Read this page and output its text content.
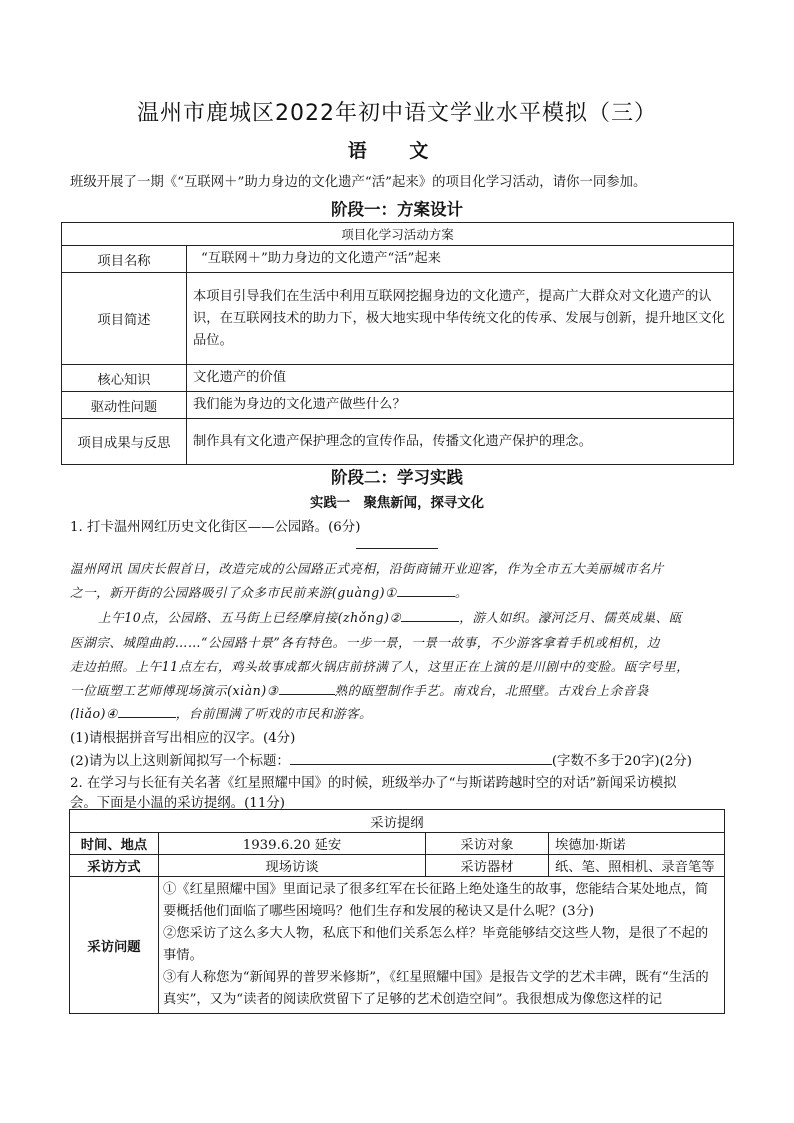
温州市鹿城区2022年初中语文学业水平模拟（三）
语 文
班级开展了一期《“互联网＋”助力身边的文化遗产“活”起来》的项目化学习活动，请你一同参加。
阶段一：方案设计
项目化学习活动方案	
项目名称	“互联网＋”助力身边的文化遗产“活”起来
项目简述	本项目引导我们在生活中利用互联网挖掘身边的文化遗产，提高广大群众对文化遗产的认识，在互联网技术的助力下，极大地实现中华传统文化的传承、发展与创新，提升地区文化品位。
核心知识	文化遗产的价值
驱动性问题	我们能为身边的文化遗产做些什么？
项目成果与反思	制作具有文化遗产保护理念的宣传作品，传播文化遗产保护的理念。
阶段二：学习实践
实践一　聚焦新闻，探寻文化
1. 打卡温州网红历史文化街区——公园路。(6分)
温州网讯 国庆长假首日，改造完成的公园路正式亮相，沿街商铺开业迎客，作为全市五大美丽城市名片
之一，新开街的公园路吸引了众多市民前来游(guàng)①	。
上午10点，公园路、五马街上已经摩肩接(zhǒng)②	，游人如织。濠河泛月、儒英成巢、瓯
医湖宗、城隍曲韵……“公园路十景”各有特色。一步一景，一景一故事，不少游客拿着手机或相机，边
走边拍照。上午11点左右，鸡头故事成都火锅店前挤满了人，这里正在上演的是川剧中的变脸。瓯字号里，
一位瓯塑工艺师傅现场演示(xiàn)③	熟的瓯塑制作手艺。南戏台，北照壁。古戏台上余音袅
(liǎo)④	，台前围满了听戏的市民和游客。
(1)请根据拼音写出相应的汉字。(4分)
(2)请为以上这则新闻拟写一个标题：	(字数不多于20字)(2分)
2. 在学习与长征有关名著《红星照耀中国》的时候，班级举办了“与斯诺跨越时空的对话”新闻采访模拟
会。下面是小温的采访提纲。(11分)
采访提纲			
时间、地点	1939.6.20 延安	采访对象	埃德加·斯诺
采访方式	现场访谈	采访器材	纸、笔、照相机、录音笔等
采访问题	①《红星照耀中国》里面记录了很多红军在长征路上绝处逢生的故事，您能结合某处地点，简要概括他们面临了哪些困境吗？他们生存和发展的秘诀又是什么呢？(3分)
②您采访了这么多大人物，私底下和他们关系怎么样？毕竟能够结交这些人物，是很了不起的事情。
③有人称您为“新闻界的普罗米修斯”，《红星照耀中国》是报告文学的艺术丰碑，既有“生活的真实”，又为“读者的阅读欣赏留下了足够的艺术创造空间”。我很想成为像您这样的记		
